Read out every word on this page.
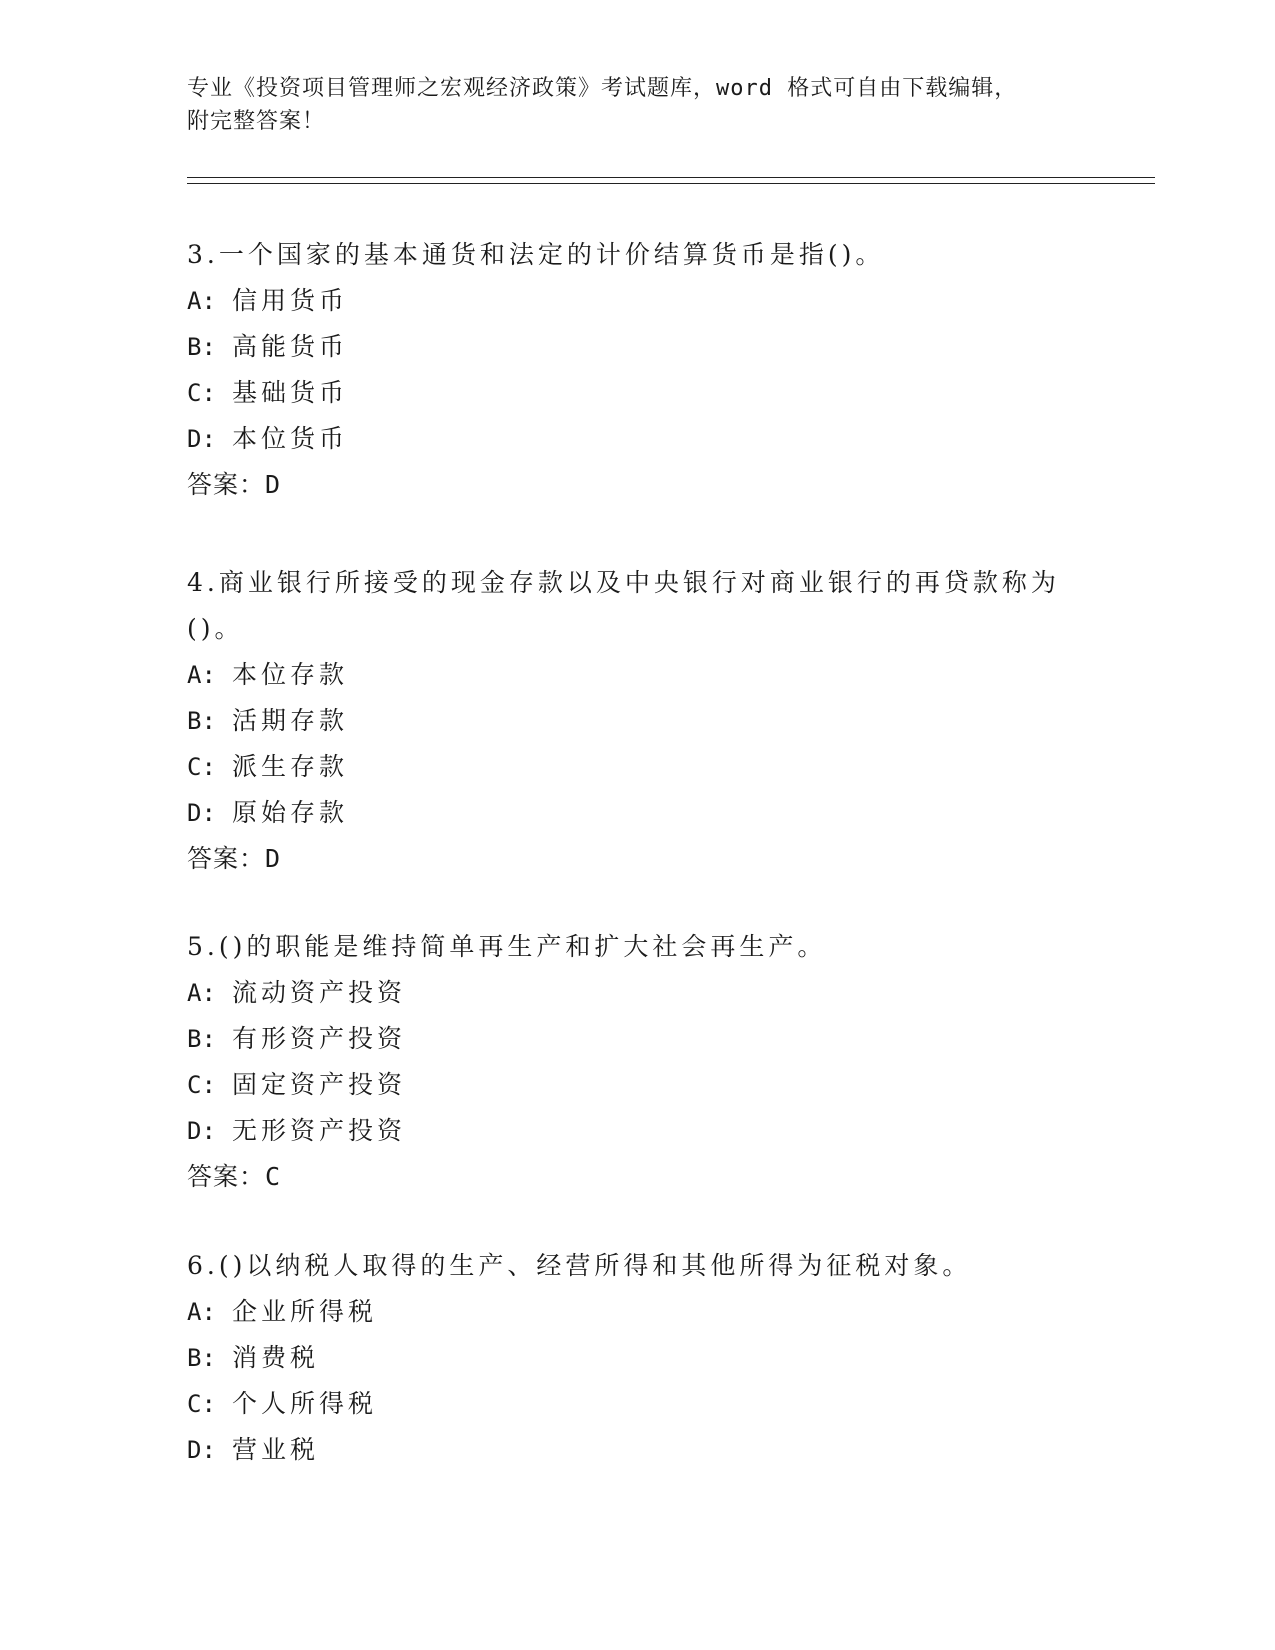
专业《投资项目管理师之宏观经济政策》考试题库，word 格式可自由下载编辑，
附完整答案！

3.一个国家的基本通货和法定的计价结算货币是指()。

A: 信用货币

B: 高能货币

C: 基础货币

D: 本位货币

答案：D

4.商业银行所接受的现金存款以及中央银行对商业银行的再贷款称为

()。

A: 本位存款

B: 活期存款

C: 派生存款

D: 原始存款

答案：D

5.()的职能是维持简单再生产和扩大社会再生产。

A: 流动资产投资

B: 有形资产投资

C: 固定资产投资

D: 无形资产投资

答案：C

6.()以纳税人取得的生产、经营所得和其他所得为征税对象。

A: 企业所得税

B: 消费税

C: 个人所得税

D: 营业税
